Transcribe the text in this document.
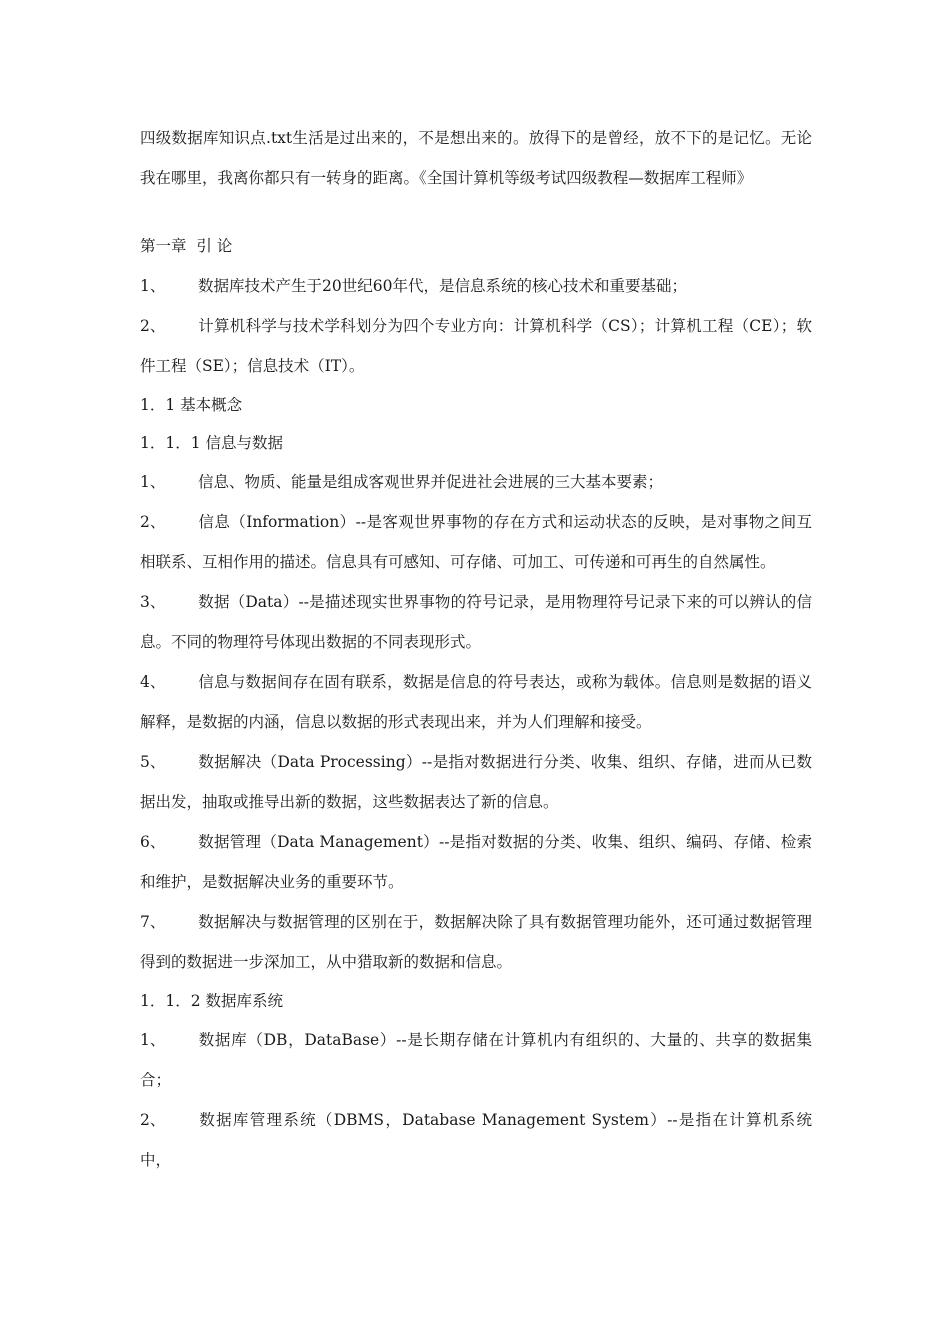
四级数据库知识点.txt生活是过出来的，不是想出来的。放得下的是曾经，放不下的是记忆。无论我在哪里，我离你都只有一转身的距离。《全国计算机等级考试四级教程—数据库工程师》

第一章  引 论

1、 数据库技术产生于20世纪60年代，是信息系统的核心技术和重要基础；

2、 计算机科学与技术学科划分为四个专业方向：计算机科学（CS）；计算机工程（CE）；软件工程（SE）；信息技术（IT）。

1．1 基本概念
1．1．1 信息与数据

1、 信息、物质、能量是组成客观世界并促进社会进展的三大基本要素；

2、 信息（Information）--是客观世界事物的存在方式和运动状态的反映，是对事物之间互相联系、互相作用的描述。信息具有可感知、可存储、可加工、可传递和可再生的自然属性。

3、 数据（Data）--是描述现实世界事物的符号记录，是用物理符号记录下来的可以辨认的信息。不同的物理符号体现出数据的不同表现形式。

4、 信息与数据间存在固有联系，数据是信息的符号表达，或称为载体。信息则是数据的语义解释，是数据的内涵，信息以数据的形式表现出来，并为人们理解和接受。

5、 数据解决（Data Processing）--是指对数据进行分类、收集、组织、存储，进而从已数据出发，抽取或推导出新的数据，这些数据表达了新的信息。

6、 数据管理（Data Management）--是指对数据的分类、收集、组织、编码、存储、检索和维护，是数据解决业务的重要环节。

7、 数据解决与数据管理的区别在于，数据解决除了具有数据管理功能外，还可通过数据管理得到的数据进一步深加工，从中猎取新的数据和信息。

1．1．2 数据库系统

1、 数据库（DB，DataBase）--是长期存储在计算机内有组织的、大量的、共享的数据集合；

2、 数据库管理系统（DBMS，Database Management System）--是指在计算机系统中，
